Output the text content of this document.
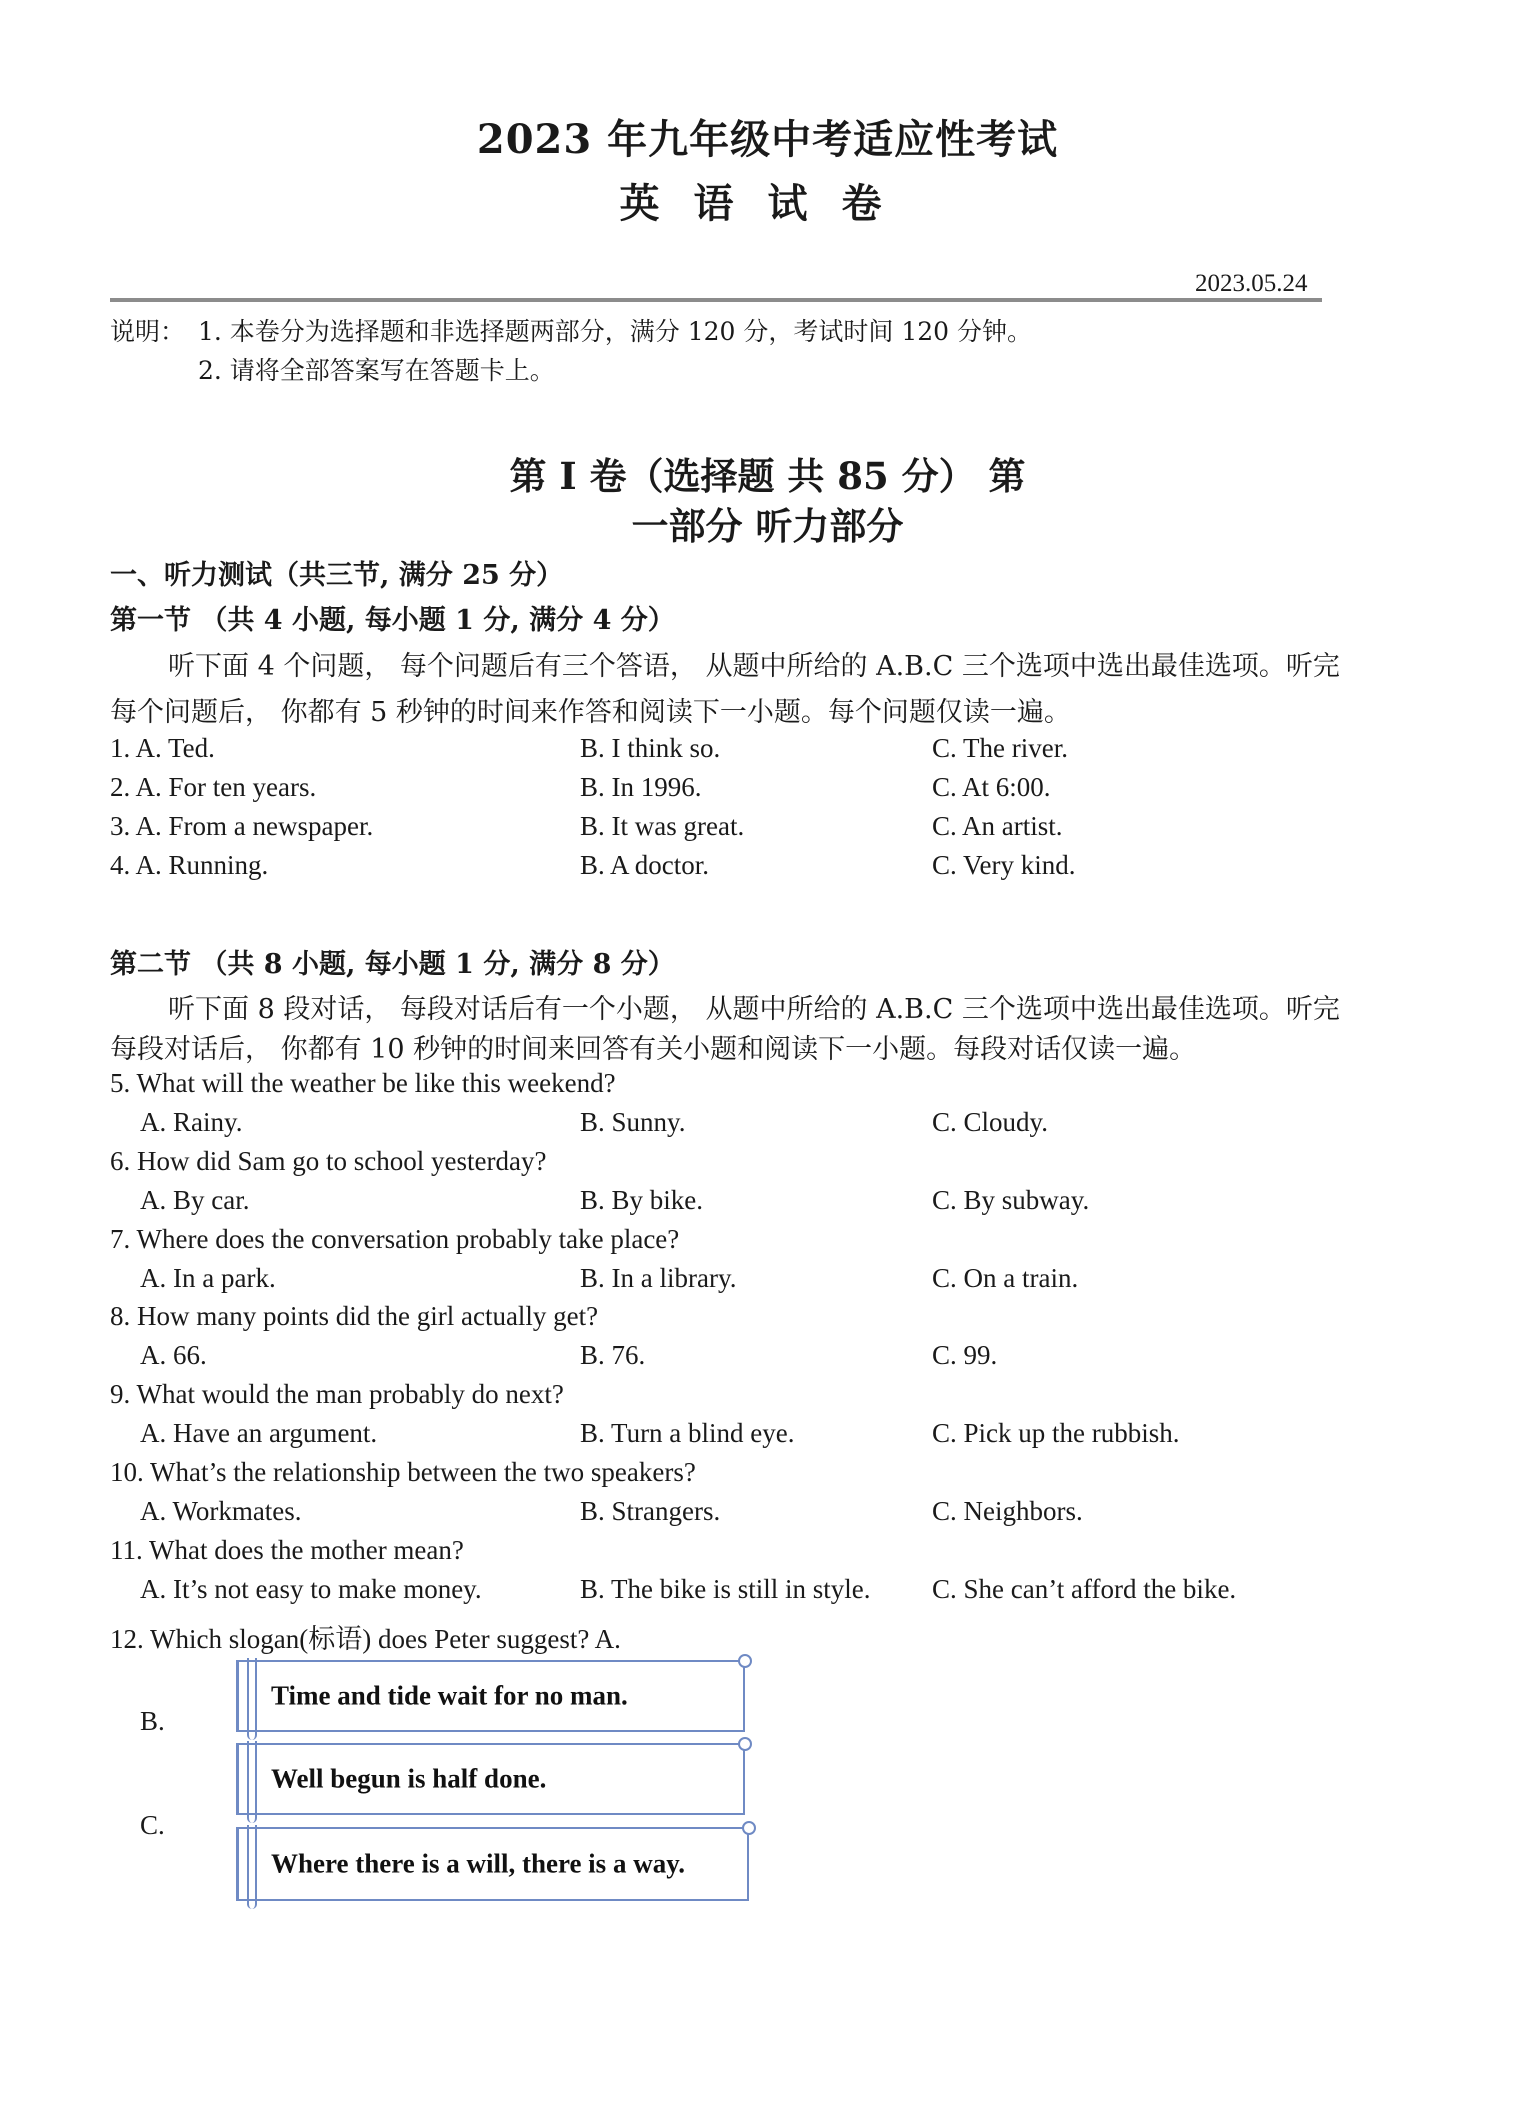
2023 年九年级中考适应性考试
英语试卷
2023.05.24
说明： 1. 本卷分为选择题和非选择题两部分，满分 120 分，考试时间 120 分钟。
2. 请将全部答案写在答题卡上。
第 I 卷（选择题 共 85 分） 第
一部分 听力部分
一、听力测试（共三节, 满分 25 分）
第一节 （共 4 小题, 每小题 1 分, 满分 4 分）
听下面 4 个问题， 每个问题后有三个答语， 从题中所给的 A.B.C 三个选项中选出最佳选项。听完
每个问题后， 你都有 5 秒钟的时间来作答和阅读下一小题。每个问题仅读一遍。
1. A. Ted.	B. I think so.	C. The river.
2. A. For ten years.	B. In 1996.	C. At 6:00.
3. A. From a newspaper.	B. It was great.	C. An artist.
4. A. Running.	B. A doctor.	C. Very kind.
第二节 （共 8 小题, 每小题 1 分, 满分 8 分）
听下面 8 段对话， 每段对话后有一个小题， 从题中所给的 A.B.C 三个选项中选出最佳选项。听完
每段对话后， 你都有 10 秒钟的时间来回答有关小题和阅读下一小题。每段对话仅读一遍。
5. What will the weather be like this weekend?
A. Rainy.	B. Sunny.	C. Cloudy.
6. How did Sam go to school yesterday?
A. By car.	B. By bike.	C. By subway.
7. Where does the conversation probably take place?
A. In a park.	B. In a library.	C. On a train.
8. How many points did the girl actually get?
A. 66.	B. 76.	C. 99.
9. What would the man probably do next?
A. Have an argument.	B. Turn a blind eye.	C. Pick up the rubbish.
10. What’s the relationship between the two speakers?
A. Workmates.	B. Strangers.	C. Neighbors.
11. What does the mother mean?
A. It’s not easy to make money.	B. The bike is still in style. C. She can’t afford the bike.
12. Which slogan(标语) does Peter suggest? A.
B.
C.
Time and tide wait for no man.
Well begun is half done.
Where there is a will, there is a way.
